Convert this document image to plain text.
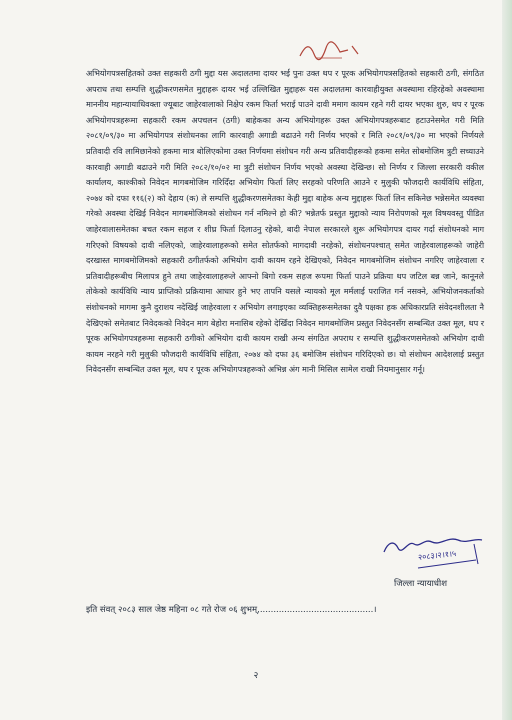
अभियोगपत्रसहितको उक्त सहकारी ठगी मुद्दा यस अदालतमा दायर भई पुनः उक्त थप र पूरक अभियोगपत्रसहितको सहकारी ठगी, संगठित अपराध तथा सम्पत्ति शुद्धीकरणसमेत मुद्दाहरू दायर भई उल्लिखित मुद्दाहरू यस अदालतमा कारवाहीयुक्त अवस्थामा रहिरहेको अवस्थामा माननीय महान्यायाधिवक्ता ज्यूबाट जाहेरवालाको निक्षेप रकम फिर्ता भराई पाउने दावी ममाग कायम रहने गरी दायर भएका शुरु, थप र पूरक अभियोगपत्रहरूमा सहकारी रकम अपचलन (ठगी) बाहेकका अन्य अभियोगहरू उक्त अभियोगपत्रहरूबाट हटाउनेसमेत गरी मिति २०८१/०९/३० मा अभियोगपत्र संशोधनका लागि कारवाही अगाडी बढाउने गरी निर्णय भएको र मिति २०८१/०९/३० मा भएको निर्णयले प्रतिवादी रवि लामिछानेको हकमा मात्र बोलिएकोमा उक्त निर्णयमा संशोधन गरी अन्य प्रतिवादीहरूको हकमा समेत सोबमोजिम त्रुटी सच्याउने कारवाही अगाडी बढाउने गरी मिति २०८२/१०/०२ मा त्रुटी संशोधन निर्णय भएको अवस्था देखिन्छ। सो निर्णय र जिल्ला सरकारी वकील कार्यालय, काश्कीको निवेदन मागबमोजिम गरिदिँदा अभियोग फिर्ता लिए सरहको परिणति आउने र मुलुकी फौजदारी कार्यविधि संहिता, २०७४ को दफा ११६(२) को देहाय (क) ले सम्पत्ति शुद्धीकरणसमेतका केही मुद्दा बाहेक अन्य मुद्दाहरू फिर्ता लिन सकिनेछ भन्नेसमेत व्यवस्था गरेको अवस्था देखिई निवेदन मागबमोजिमको संशोधन गर्न नमिल्ने हो की? भन्नेतर्फ प्रस्तुत मुद्दाको न्याय निरोपणको मूल विषयवस्तु पीडित जाहेरवालासमेतका बचत रकम सहज र शीघ्र फिर्ता दिलाउनु रहेको, बादी नेपाल सरकारले शुरू अभियोगपत्र दायर गर्दा संशोधनको माग गरिएको विषयको दावी नलिएको, जाहेरवालाहरूको समेत सोतर्फको मागदावी नरहेको, संशोधनपश्चात् समेत जाहेरवालाहरूको जाहेरी दरखास्त मागबमोजिमको सहकारी ठगीतर्फको अभियोग दावी कायम रहने देखिएको, निवेदन मागबमोजिम संशोधन नगरिए जाहेरवाला र प्रतिवादीहरूबीच मिलापत्र हुने तथा जाहेरवालाहरूले आफ्नो बिगो रकम सहज रूपमा फिर्ता पाउने प्रक्रिया थप जटिल बन्न जाने, कानूनले तोकेको कार्यविधि न्याय प्राप्तिको प्रक्रियामा आधार हुने भए तापनि यसले न्यायको मूल मर्मलाई पराजित गर्न नसक्ने, अभियोजनकर्ताको संशोधनको मागमा कुनै दुराशय नदेखिई जाहेरवाला र अभियोग लगाइएका व्यक्तिहरूसमेतका दुवै पक्षका हक अधिकारप्रति संवेदनशीलता नै देखिएको समेतबाट निवेदकको निवेदन माग बेहोरा मनासिब रहेको देखिँदा निवेदन मागबमोजिम प्रस्तुत निवेदनसँग सम्बन्धित उक्त मूल, थप र पूरक अभियोगपत्रहरूमा सहकारी ठगीको अभियोग दावी कायम राखी अन्य संगठित अपराध र सम्पत्ति शुद्धीकरणसमेतको अभियोग दावी कायम नरहने गरी मुलुकी फौजदारी कार्यविधि संहिता, २०७४ को दफा ३६ बमोजिम संशोधन गरिदिएको छ। यो संशोधन आदेशलाई प्रस्तुत निवेदनसँग सम्बन्धित उक्त मूल, थप र पूरक अभियोगपत्रहरूको अभिन्न अंग मानी मिसिल सामेल राखी नियमानुसार गर्नू।

२०८३।२।१।५
जिल्ला न्यायाधीश
इति संवत् २०८३ साल जेष्ठ महिना ०८ गते रोज ०६ शुभम्,..........................................।
२
